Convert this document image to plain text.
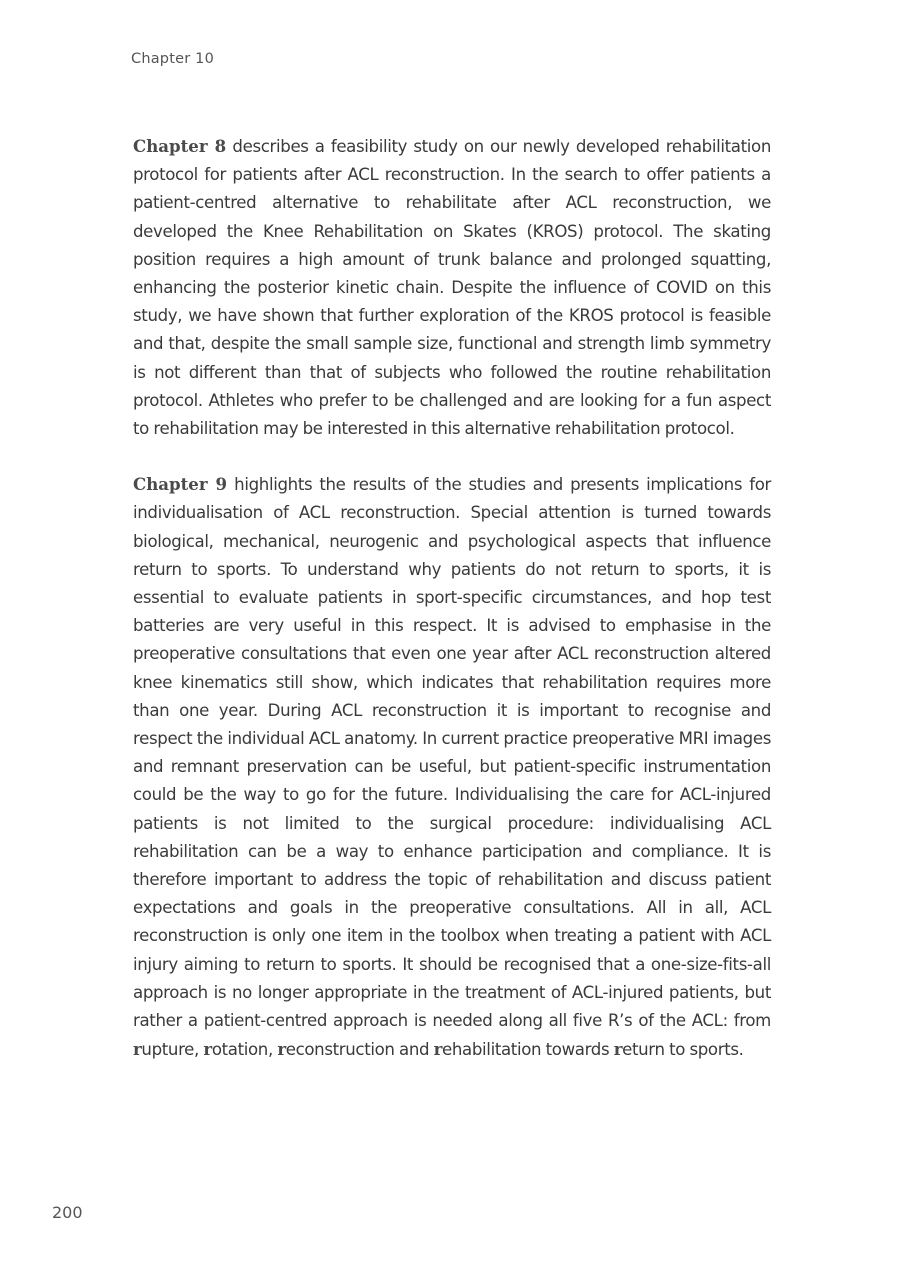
Chapter 10

Chapter 8 describes a feasibility study on our newly developed rehabilitation protocol for patients after ACL reconstruction. In the search to offer patients a patient-centred alternative to rehabilitate after ACL reconstruction, we developed the Knee Rehabilitation on Skates (KROS) protocol. The skating position requires a high amount of trunk balance and prolonged squatting, enhancing the posterior kinetic chain. Despite the influence of COVID on this study, we have shown that further exploration of the KROS protocol is feasible and that, despite the small sample size, functional and strength limb symmetry is not different than that of subjects who followed the routine rehabilitation protocol. Athletes who prefer to be challenged and are looking for a fun aspect to rehabilitation may be interested in this alternative rehabilitation protocol.

Chapter 9 highlights the results of the studies and presents implications for individualisation of ACL reconstruction. Special attention is turned towards biological, mechanical, neurogenic and psychological aspects that influence return to sports. To understand why patients do not return to sports, it is essential to evaluate patients in sport-specific circumstances, and hop test batteries are very useful in this respect. It is advised to emphasise in the preoperative consultations that even one year after ACL reconstruction altered knee kinematics still show, which indicates that rehabilitation requires more than one year. During ACL reconstruction it is important to recognise and respect the individual ACL anatomy. In current practice preoperative MRI images and remnant preservation can be useful, but patient-specific instrumentation could be the way to go for the future. Individualising the care for ACL-injured patients is not limited to the surgical procedure: individualising ACL rehabilitation can be a way to enhance participation and compliance. It is therefore important to address the topic of rehabilitation and discuss patient expectations and goals in the preoperative consultations. All in all, ACL reconstruction is only one item in the toolbox when treating a patient with ACL injury aiming to return to sports. It should be recognised that a one-size-fits-all approach is no longer appropriate in the treatment of ACL-injured patients, but rather a patient-centred approach is needed along all five R’s of the ACL: from rupture, rotation, reconstruction and rehabilitation towards return to sports.

200
